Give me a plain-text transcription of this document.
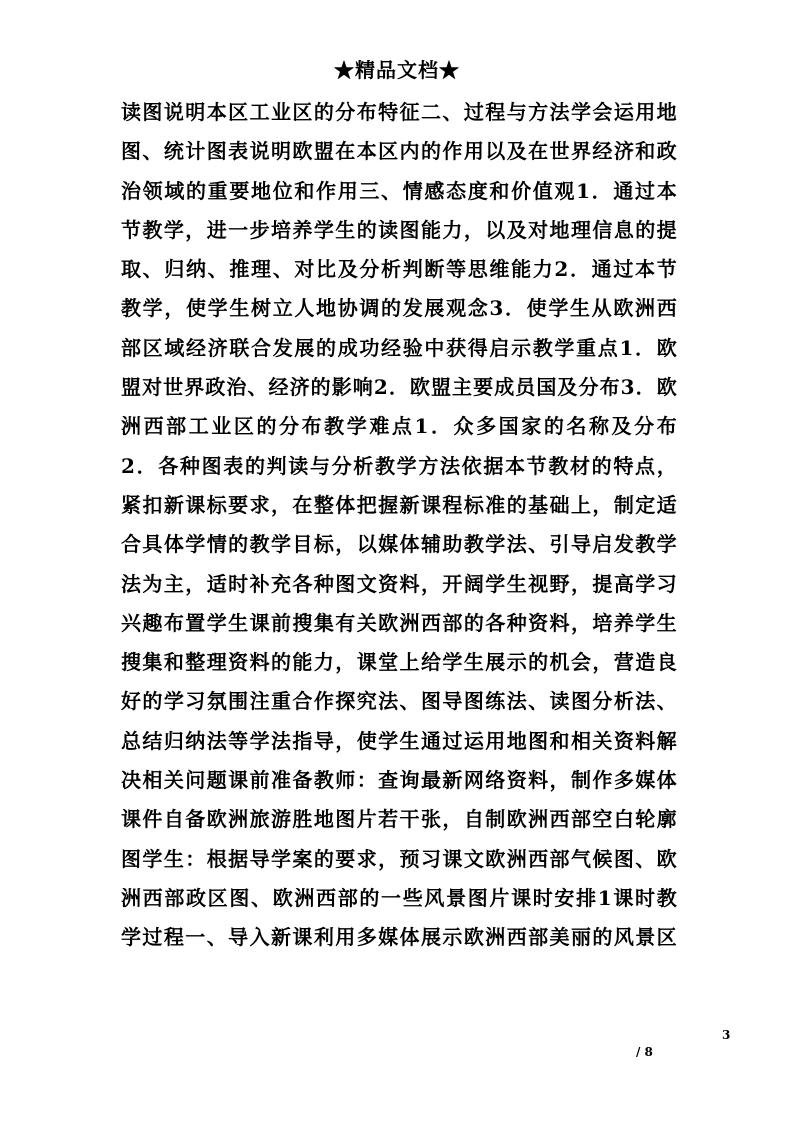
★精品文档★
读图说明本区工业区的分布特征二、过程与方法学会运用地
图、统计图表说明欧盟在本区内的作用以及在世界经济和政
治领域的重要地位和作用三、情感态度和价值观1．通过本
节教学，进一步培养学生的读图能力，以及对地理信息的提
取、归纳、推理、对比及分析判断等思维能力2．通过本节
教学，使学生树立人地协调的发展观念3．使学生从欧洲西
部区域经济联合发展的成功经验中获得启示教学重点1．欧
盟对世界政治、经济的影响2．欧盟主要成员国及分布3．欧
洲西部工业区的分布教学难点1．众多国家的名称及分布
2．各种图表的判读与分析教学方法依据本节教材的特点，
紧扣新课标要求，在整体把握新课程标准的基础上，制定适
合具体学情的教学目标，以媒体辅助教学法、引导启发教学
法为主，适时补充各种图文资料，开阔学生视野，提高学习
兴趣布置学生课前搜集有关欧洲西部的各种资料，培养学生
搜集和整理资料的能力，课堂上给学生展示的机会，营造良
好的学习氛围注重合作探究法、图导图练法、读图分析法、
总结归纳法等学法指导，使学生通过运用地图和相关资料解
决相关问题课前准备教师：查询最新网络资料，制作多媒体
课件自备欧洲旅游胜地图片若干张，自制欧洲西部空白轮廓
图学生：根据导学案的要求，预习课文欧洲西部气候图、欧
洲西部政区图、欧洲西部的一些风景图片课时安排1课时教
学过程一、导入新课利用多媒体展示欧洲西部美丽的风景区
3
/ 8
